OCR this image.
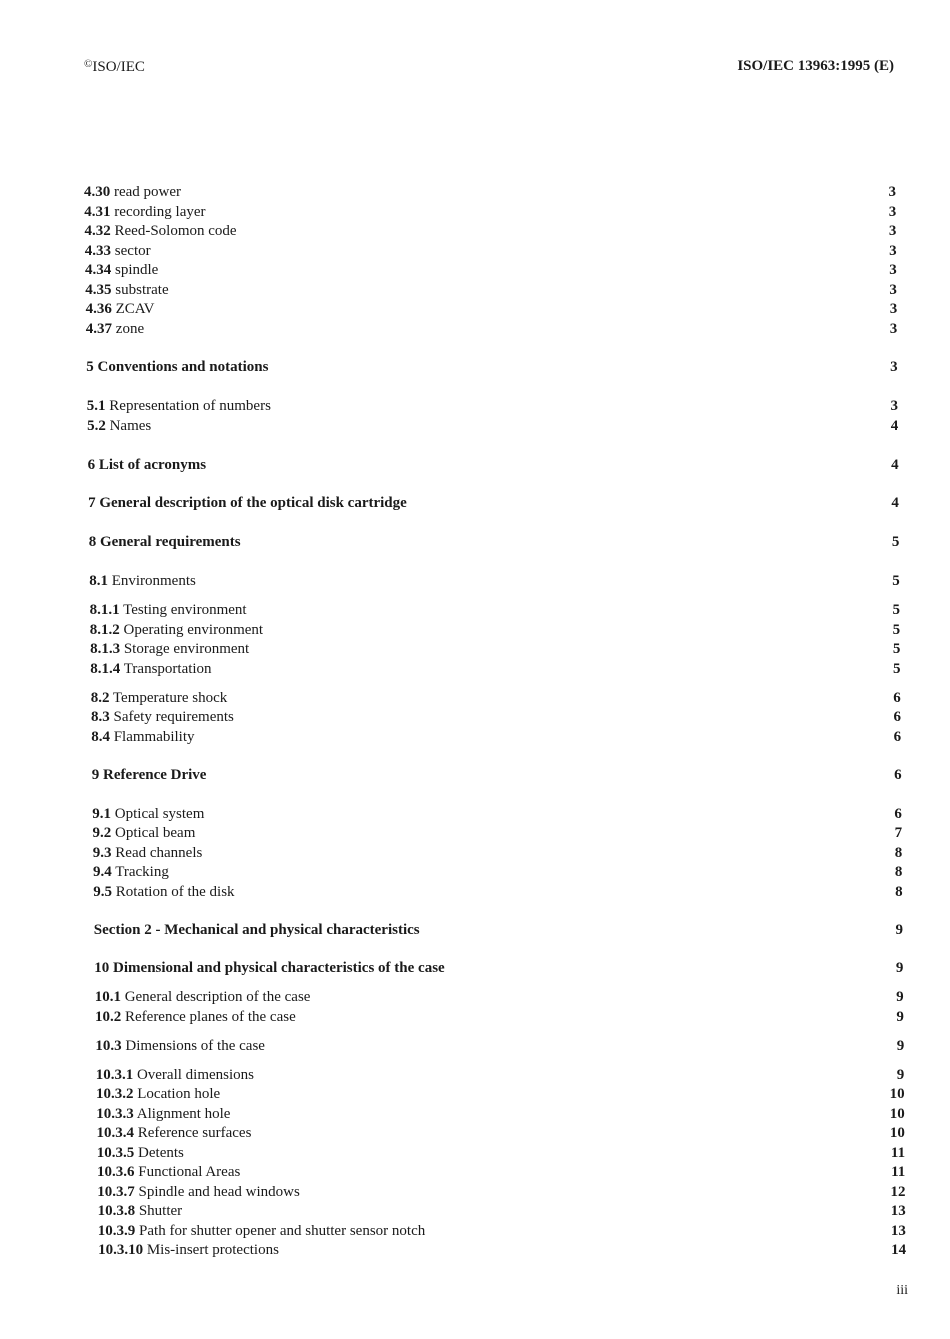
©ISO/IEC	ISO/IEC 13963:1995 (E)
4.30 read power	3
4.31 recording layer	3
4.32 Reed-Solomon code	3
4.33 sector	3
4.34 spindle	3
4.35 substrate	3
4.36 ZCAV	3
4.37 zone	3
5 Conventions and notations	3
5.1 Representation of numbers	3
5.2 Names	4
6 List of acronyms	4
7 General description of the optical disk cartridge	4
8 General requirements	5
8.1 Environments	5
8.1.1 Testing environment	5
8.1.2 Operating environment	5
8.1.3 Storage environment	5
8.1.4 Transportation	5
8.2 Temperature shock	6
8.3 Safety requirements	6
8.4 Flammability	6
9 Reference Drive	6
9.1 Optical system	6
9.2 Optical beam	7
9.3 Read channels	8
9.4 Tracking	8
9.5 Rotation of the disk	8
Section 2 - Mechanical and physical characteristics	9
10 Dimensional and physical characteristics of the case	9
10.1 General description of the case	9
10.2 Reference planes of the case	9
10.3 Dimensions of the case	9
10.3.1 Overall dimensions	9
10.3.2 Location hole	10
10.3.3 Alignment hole	10
10.3.4 Reference surfaces	10
10.3.5 Detents	11
10.3.6 Functional Areas	11
10.3.7 Spindle and head windows	12
10.3.8 Shutter	13
10.3.9 Path for shutter opener and shutter sensor notch	13
10.3.10 Mis-insert protections	14
iii
